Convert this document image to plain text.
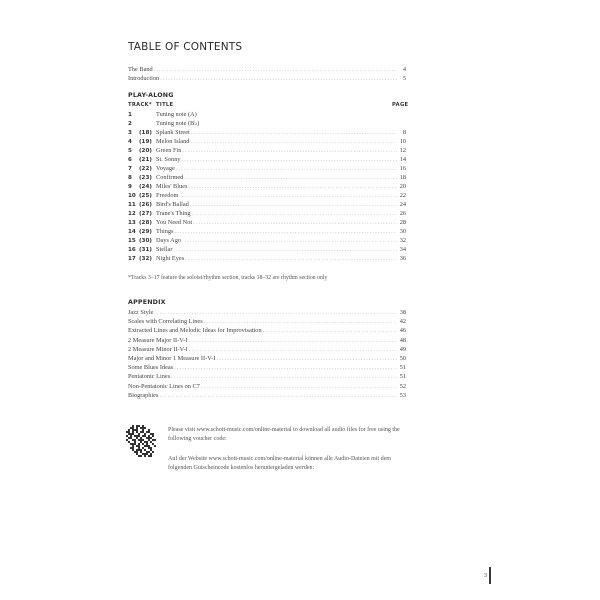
TABLE OF CONTENTS
The Band .....	4
Introduction .....	5
PLAY-ALONG
TRACK* TITLE	PAGE
1	Tuning note (A)
2	Tuning note (B♭)
3	(18) Splank Street .....	8
4	(19) Melon Island .....	10
5	(20) Green Fin .....	12
6	(21) St. Sonny .....	14
7	(22) Voyage .....	16
8	(23) Confirmed .....	18
9	(24) Miles' Blues .....	20
10 (25) Freedom .....	22
11 (26) Bird's Ballad .....	24
12 (27) Trane's Thing .....	26
13 (28) You Need Not .....	28
14 (29) Things .....	30
15 (30) Days Ago .....	32
16 (31) Stellar .....	34
17 (32) Night Eyes .....	36
*Tracks 3–17 feature the soloist/rhythm section, tracks 18–32 are rhythm section only
APPENDIX
Jazz Style .....	38
Scales with Correlating Lines .....	42
Extracted Lines and Melodic Ideas for Improvisation .....	46
2 Measure Major II-V-I .....	48
2 Measure Minor II-V-I .....	49
Major and Minor 1 Measure II-V-I .....	50
Some Blues Ideas .....	51
Pentatonic Lines .....	51
Non-Pentatonic Lines on C7 .....	52
Biographies .....	53
Please visit www.schott-music.com/online-material to download all audio files for free using the following voucher code:
Auf der Website www.schott-music.com/online-material können alle Audio-Dateien mit dem folgenden Gutscheincode kostenlos heruntergeladen werden:
3
